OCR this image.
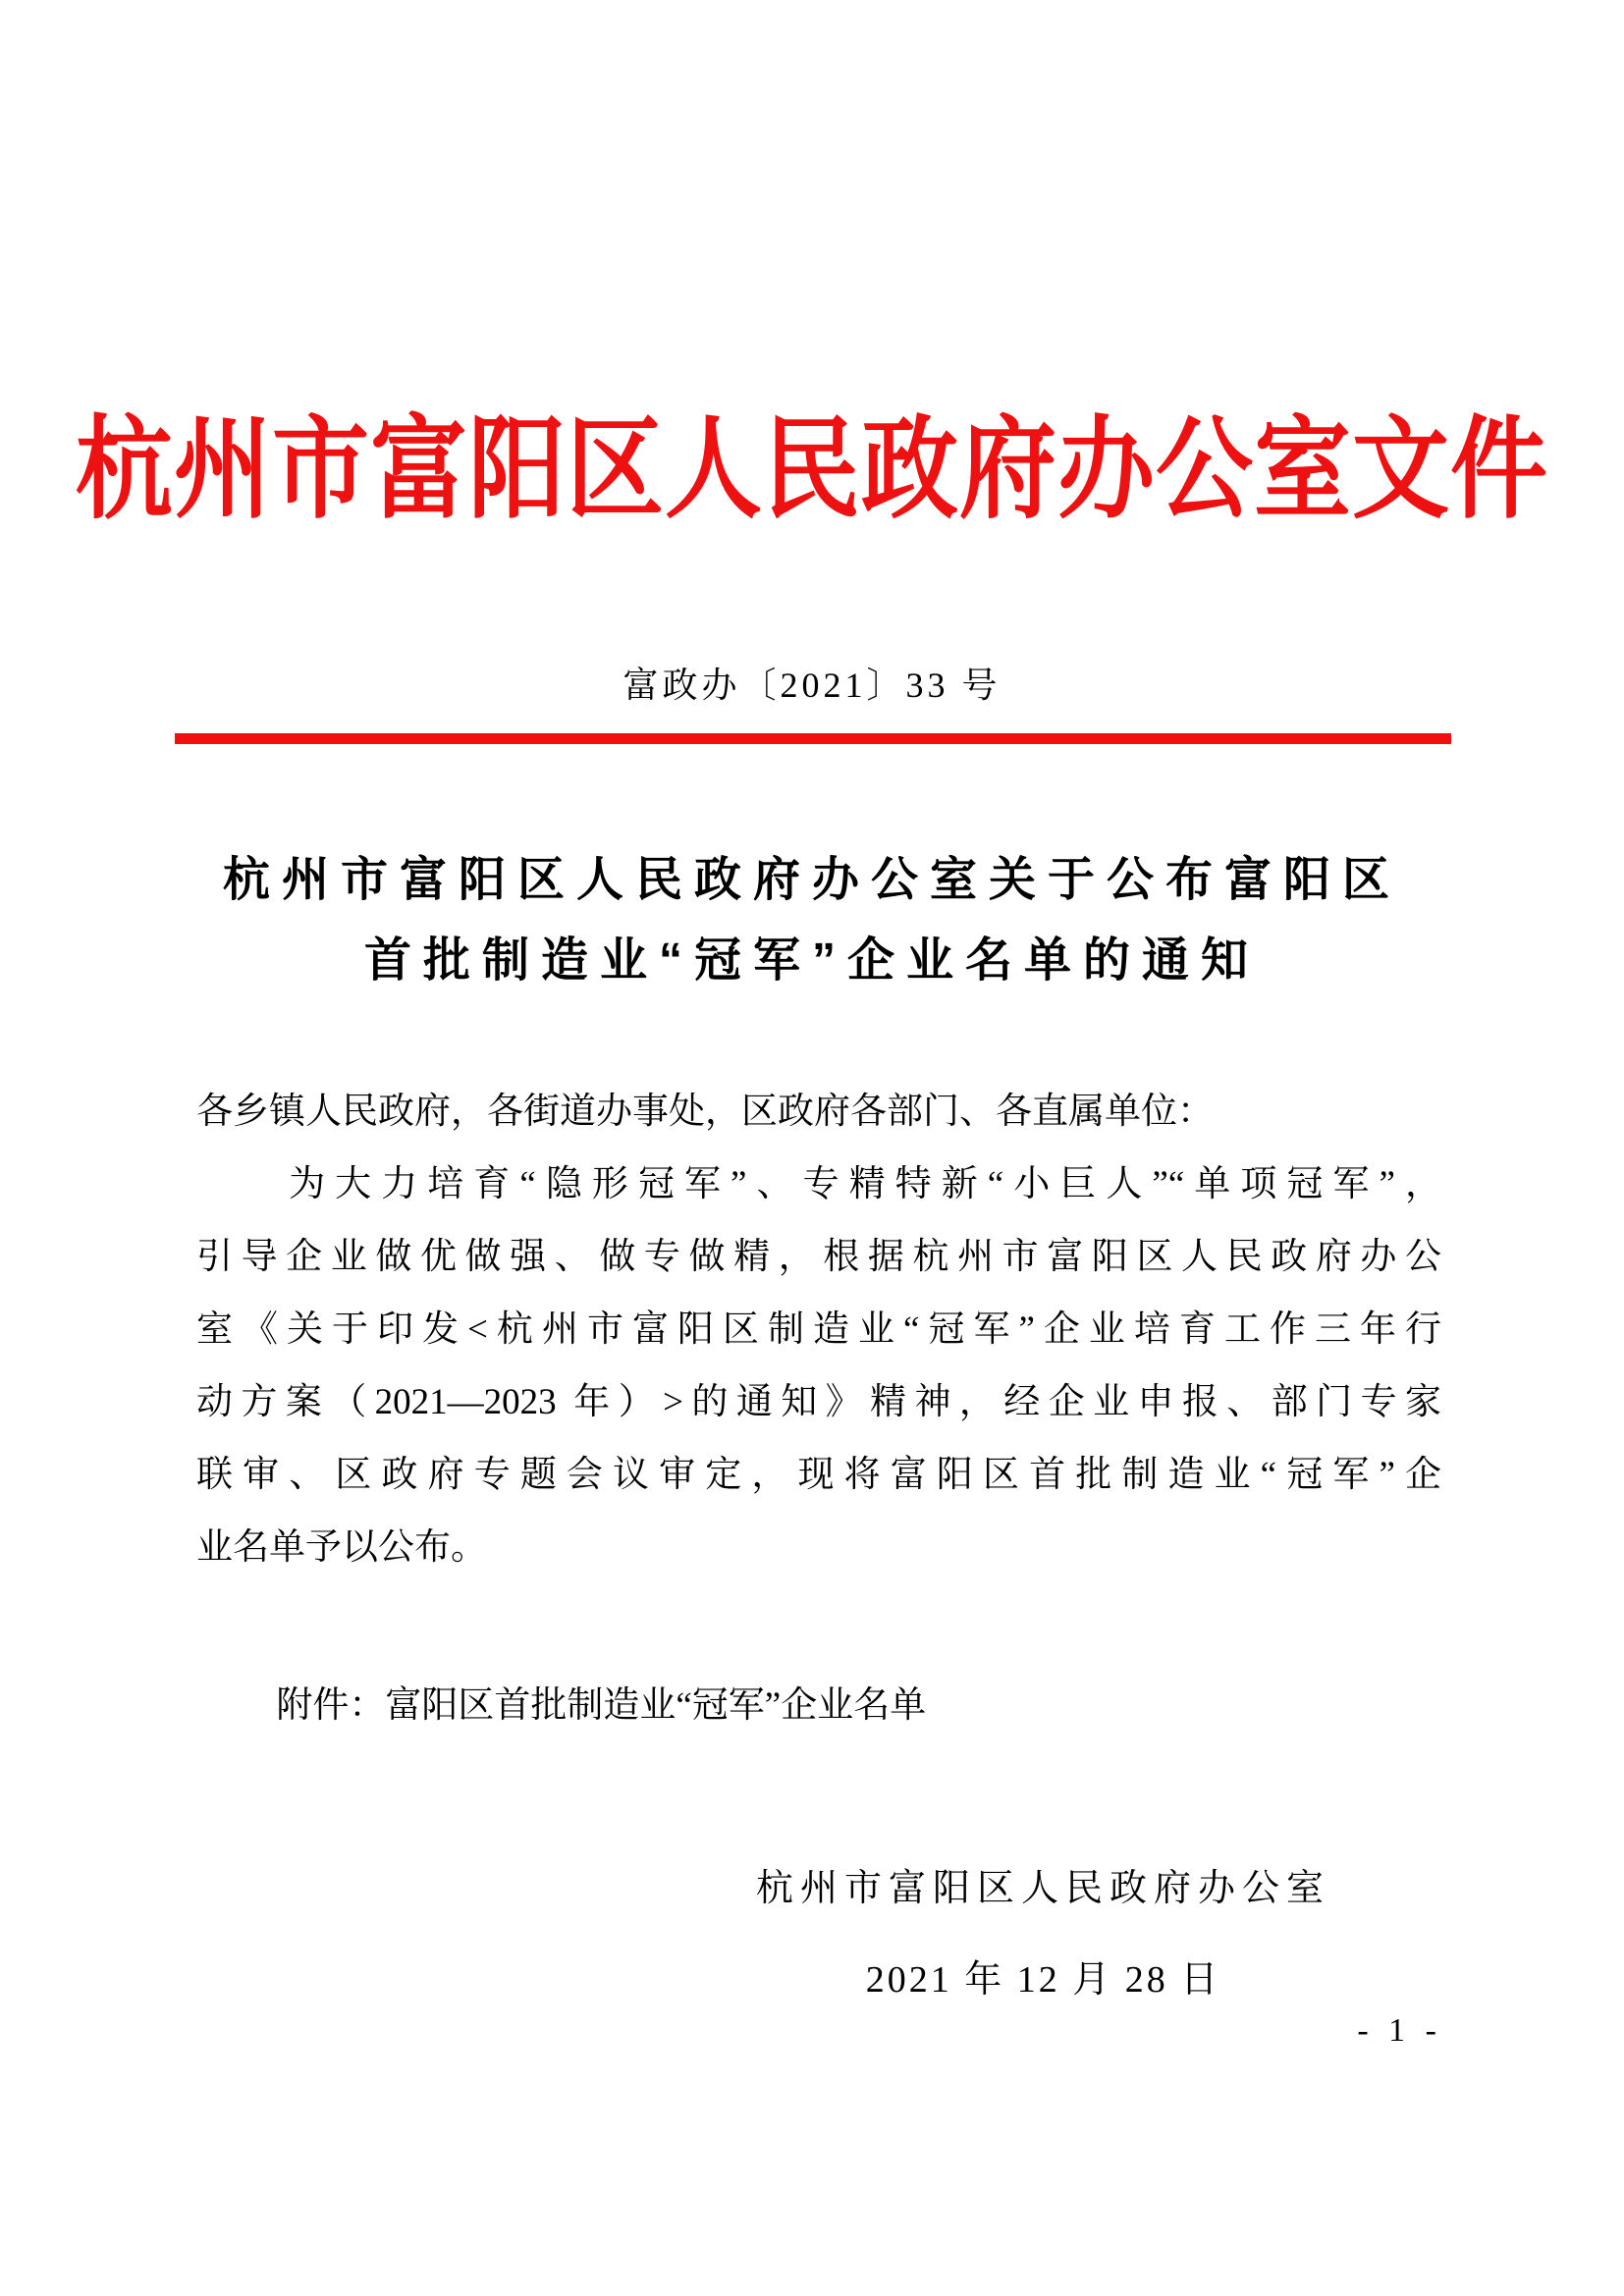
杭州市富阳区人民政府办公室文件
富政办〔2021〕33 号
杭州市富阳区人民政府办公室关于公布富阳区
首批制造业“冠军”企业名单的通知
各乡镇人民政府，各街道办事处，区政府各部门、各直属单位：
　　为大力培育“隐形冠军”、专精特新“小巨人”“单项冠军”，
引导企业做优做强、做专做精，根据杭州市富阳区人民政府办公
室《关于印发<杭州市富阳区制造业“冠军”企业培育工作三年行
动方案（2021—2023 年）>的通知》精神，经企业申报、部门专家
联审、区政府专题会议审定，现将富阳区首批制造业“冠军”企
业名单予以公布。
附件：富阳区首批制造业“冠军”企业名单
杭州市富阳区人民政府办公室
2021 年 12 月 28 日
- 1 -
